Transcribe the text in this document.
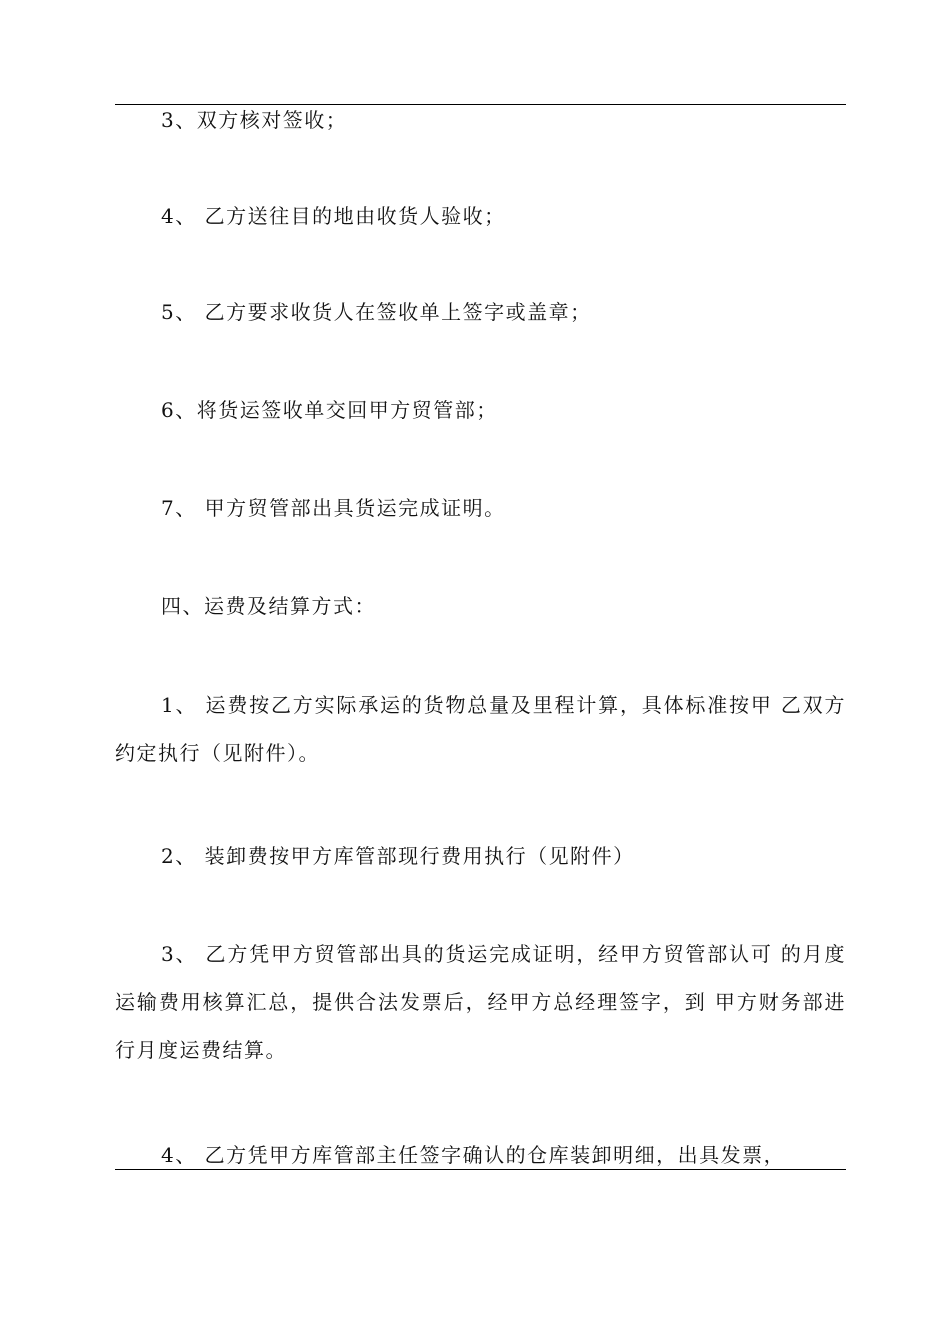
3、双方核对签收；

4、 乙方送往目的地由收货人验收；

5、 乙方要求收货人在签收单上签字或盖章；

6、将货运签收单交回甲方贸管部；

7、 甲方贸管部出具货运完成证明。

四、运费及结算方式：

1、 运费按乙方实际承运的货物总量及里程计算，具体标准按甲 乙双方约定执行（见附件）。

2、 装卸费按甲方库管部现行费用执行（见附件）

3、 乙方凭甲方贸管部出具的货运完成证明，经甲方贸管部认可 的月度运输费用核算汇总，提供合法发票后，经甲方总经理签字，到 甲方财务部进行月度运费结算。

4、 乙方凭甲方库管部主任签字确认的仓库装卸明细，出具发票，
